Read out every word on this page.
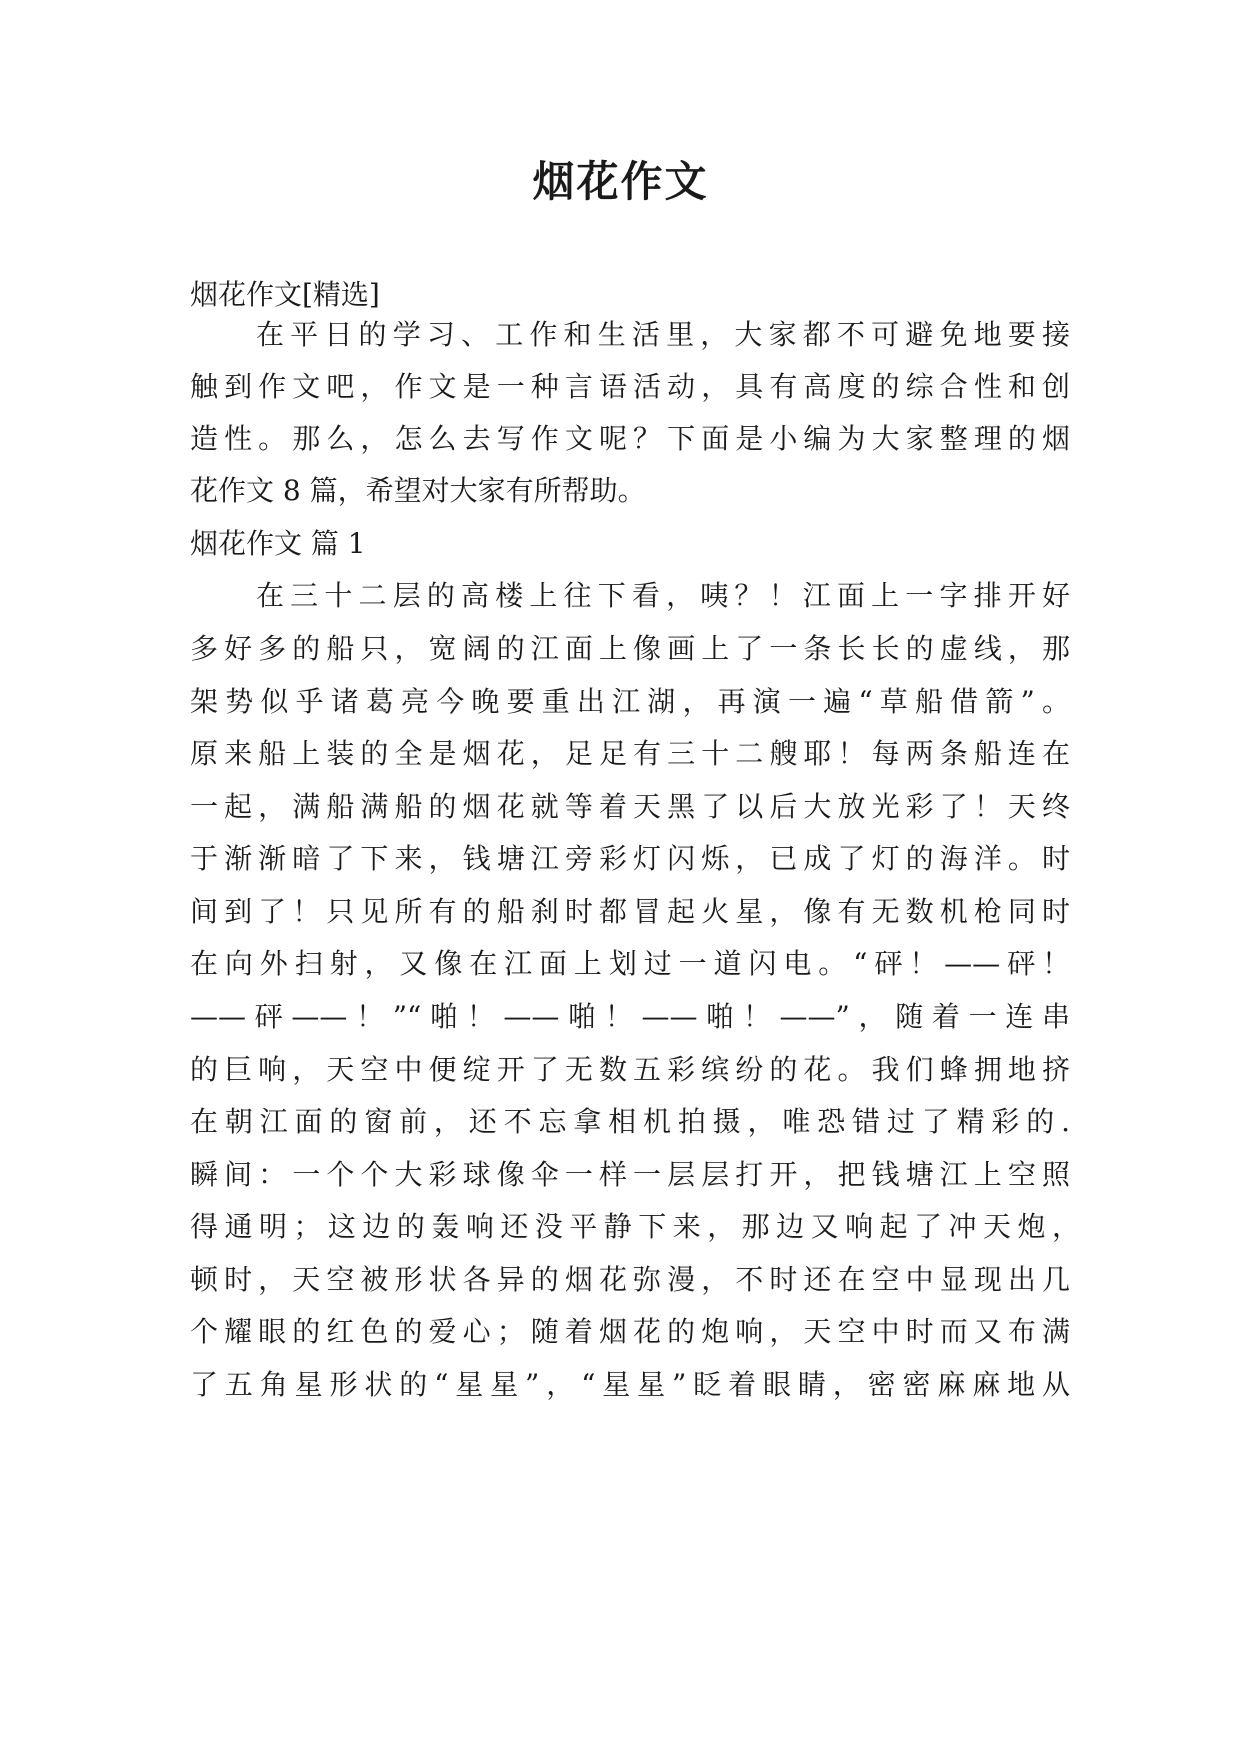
烟花作文

烟花作文[精选]

在平日的学习、工作和生活里，大家都不可避免地要接

触到作文吧，作文是一种言语活动，具有高度的综合性和创

造性。那么，怎么去写作文呢？下面是小编为大家整理的烟

花作文 8 篇，希望对大家有所帮助。

烟花作文 篇 1

在三十二层的高楼上往下看，咦？！江面上一字排开好

多好多的船只，宽阔的江面上像画上了一条长长的虚线，那

架势似乎诸葛亮今晚要重出江湖，再演一遍“草船借箭”。

原来船上装的全是烟花，足足有三十二艘耶！每两条船连在

一起，满船满船的烟花就等着天黑了以后大放光彩了！天终

于渐渐暗了下来，钱塘江旁彩灯闪烁，已成了灯的海洋。时

间到了！只见所有的船刹时都冒起火星，像有无数机枪同时

在向外扫射，又像在江面上划过一道闪电。“砰！——砰！

——砰——！”“啪！——啪！——啪！——”，随着一连串

的巨响，天空中便绽开了无数五彩缤纷的花。我们蜂拥地挤

在朝江面的窗前，还不忘拿相机拍摄，唯恐错过了精彩的.

瞬间：一个个大彩球像伞一样一层层打开，把钱塘江上空照

得通明；这边的轰响还没平静下来，那边又响起了冲天炮，

顿时，天空被形状各异的烟花弥漫，不时还在空中显现出几

个耀眼的红色的爱心；随着烟花的炮响，天空中时而又布满

了五角星形状的“星星”，“星星”眨着眼睛，密密麻麻地从
